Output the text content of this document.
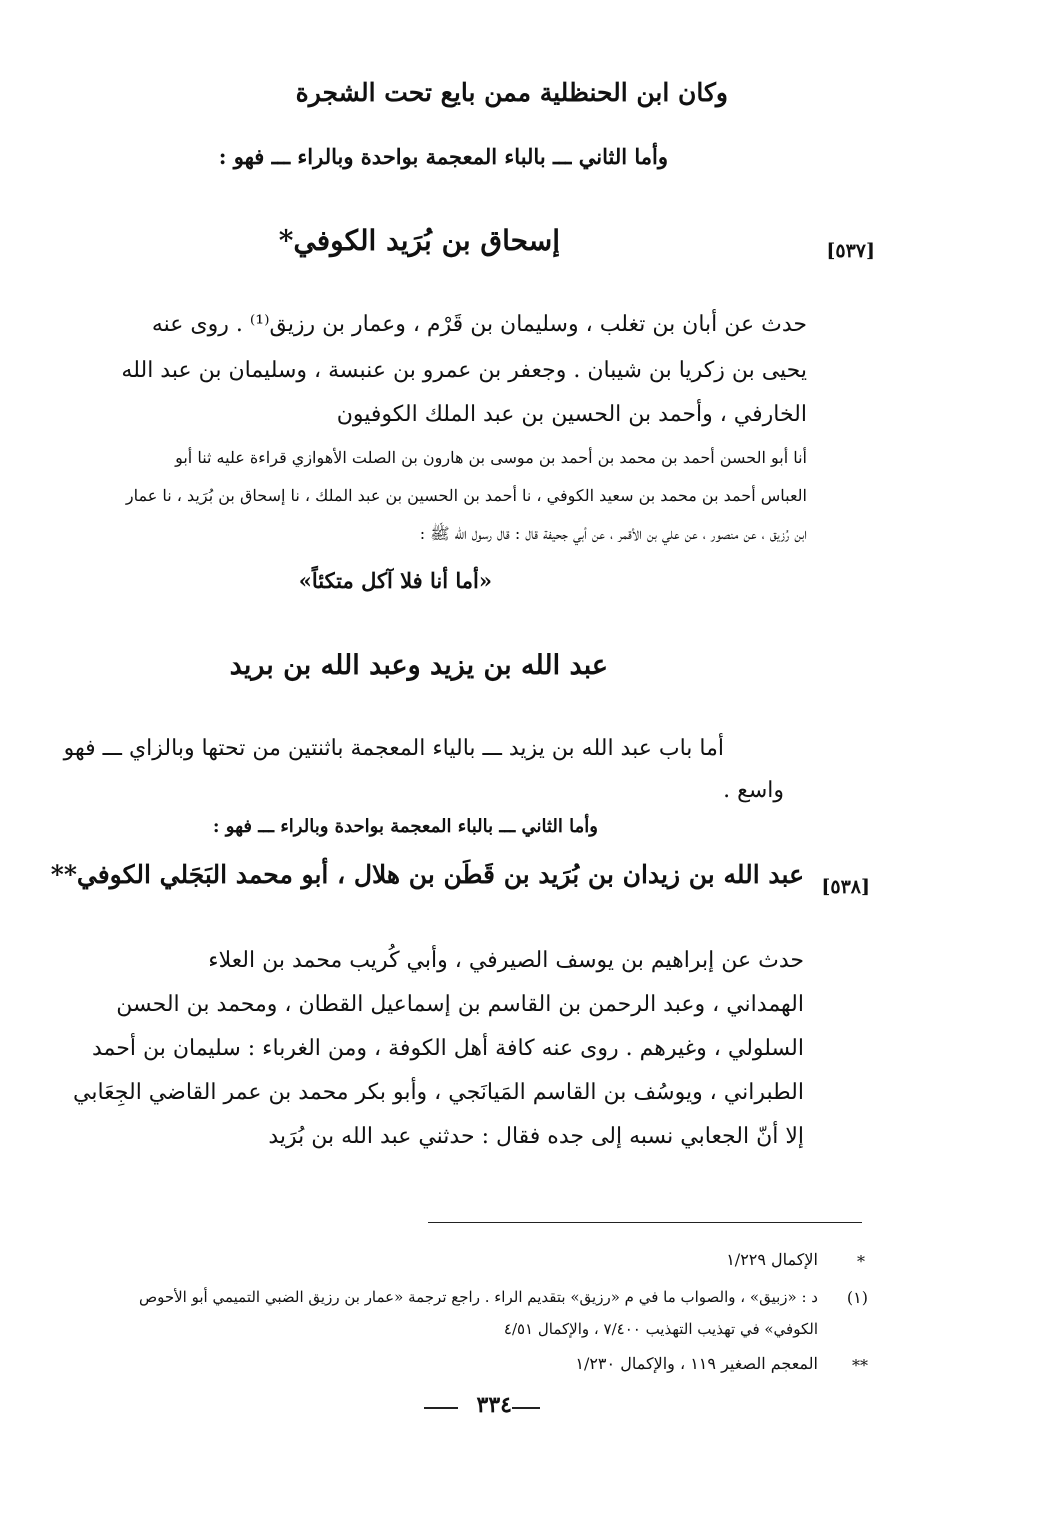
وكان ابن الحنظلية ممن بايع تحت الشجرة
وأما الثاني ـــ بالباء المعجمة بواحدة وبالراء ـــ فهو :
[٥٣٧]
إسحاق بن بُرَيد الكوفي*
حدث عن أبان بن تغلب ، وسليمان بن قَرْم ، وعمار بن رزيق⁽¹⁾ . روى عنه
يحيى بن زكريا بن شيبان . وجعفر بن عمرو بن عنبسة ، وسليمان بن عبد الله
الخارفي ، وأحمد بن الحسين بن عبد الملك الكوفيون
أنا أبو الحسن أحمد بن محمد بن أحمد بن موسى بن هارون بن الصلت الأهوازي قراءة عليه ثنا أبو
العباس أحمد بن محمد بن سعيد الكوفي ، نا أحمد بن الحسين بن عبد الملك ، نا إسحاق بن بُرَيد ، نا عمار
ابن رُزيق ، عن منصور ، عن علي بن الأقمر ، عن أبي جحيفة قال : قال رسول الله ﷺ :
«أما أنا فلا آكل متكئاً»
عبد الله بن يزيد وعبد الله بن بريد
أما باب عبد الله بن يزيد ـــ بالياء المعجمة باثنتين من تحتها وبالزاي ـــ فهو
واسع .
وأما الثاني ـــ بالباء المعجمة بواحدة وبالراء ـــ فهو :
[٥٣٨]
عبد الله بن زيدان بن بُرَيد بن قَطَن بن هلال ، أبو محمد البَجَلي الكوفي**
حدث عن إبراهيم بن يوسف الصيرفي ، وأبي كُريب محمد بن العلاء
الهمداني ، وعبد الرحمن بن القاسم بن إسماعيل القطان ، ومحمد بن الحسن
السلولي ، وغيرهم . روى عنه كافة أهل الكوفة ، ومن الغرباء : سليمان بن أحمد
الطبراني ، ويوسُف بن القاسم المَيانَجي ، وأبو بكر محمد بن عمر القاضي الجِعَابي
إلا أنّ الجعابي نسبه إلى جده فقال : حدثني عبد الله بن بُرَيد
*
الإكمال ١/٢٢٩
(١)
د : «زبيق» ، والصواب ما في م «رزيق» بتقديم الراء . راجع ترجمة «عمار بن رزيق الضبي التميمي أبو الأحوص
الكوفي» في تهذيب التهذيب ٧/٤٠٠ ، والإكمال ٤/٥١
**
المعجم الصغير ١١٩ ، والإكمال ١/٢٣٠
٣٣٤
